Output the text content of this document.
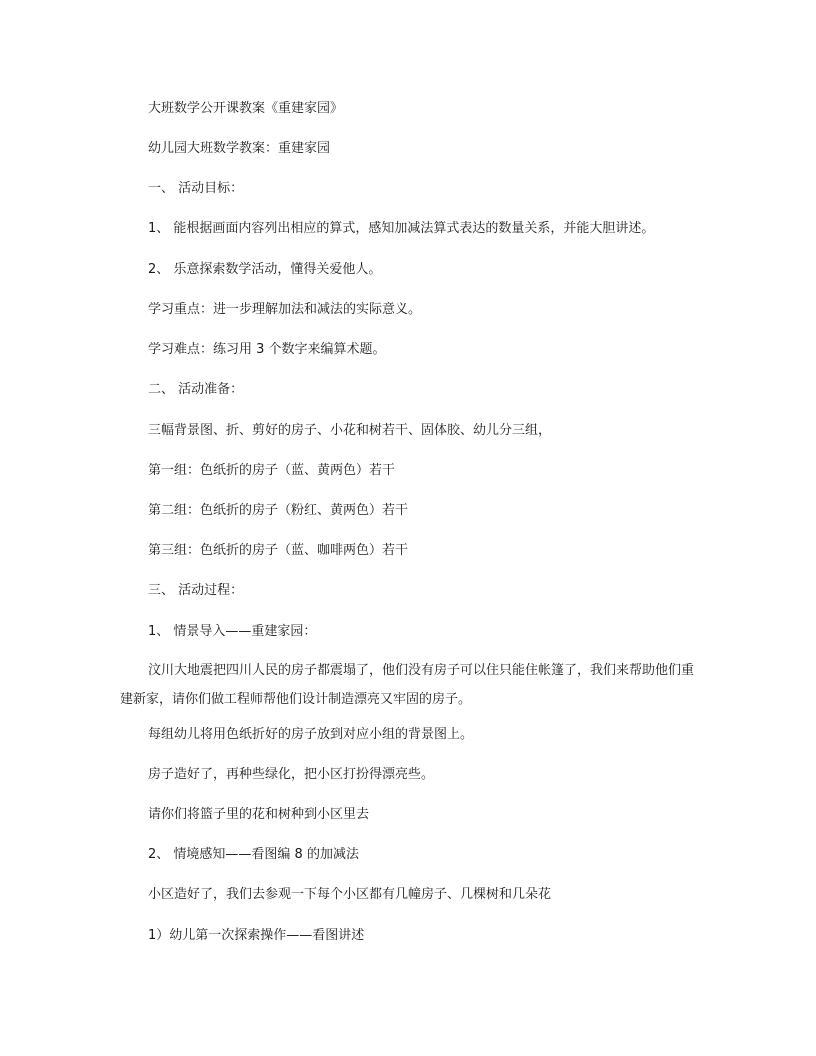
大班数学公开课教案《重建家园》

幼儿园大班数学教案：重建家园

一、 活动目标：

1、 能根据画面内容列出相应的算式，感知加减法算式表达的数量关系，并能大胆讲述。

2、 乐意探索数学活动，懂得关爱他人。

学习重点：进一步理解加法和减法的实际意义。

学习难点：练习用 3 个数字来编算术题。

二、 活动准备：

三幅背景图、折、剪好的房子、小花和树若干、固体胶、幼儿分三组，

第一组：色纸折的房子（蓝、黄两色）若干

第二组：色纸折的房子（粉红、黄两色）若干

第三组：色纸折的房子（蓝、咖啡两色）若干

三、 活动过程：

1、 情景导入——重建家园：

汶川大地震把四川人民的房子都震塌了，他们没有房子可以住只能住帐篷了，我们来帮助他们重建新家，请你们做工程师帮他们设计制造漂亮又牢固的房子。

每组幼儿将用色纸折好的房子放到对应小组的背景图上。

房子造好了，再种些绿化，把小区打扮得漂亮些。

请你们将篮子里的花和树种到小区里去

2、 情境感知——看图编 8 的加减法

小区造好了，我们去参观一下每个小区都有几幢房子、几棵树和几朵花

1）幼儿第一次探索操作——看图讲述
